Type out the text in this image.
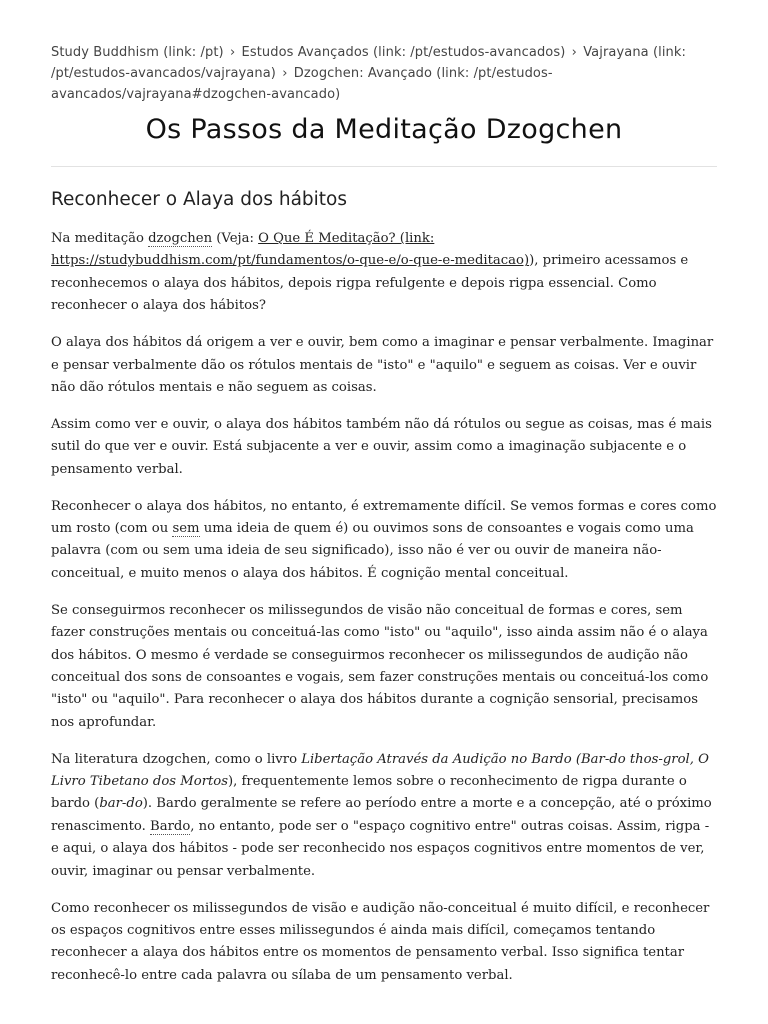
Study Buddhism (link: /pt) › Estudos Avançados (link: /pt/estudos-avancados) › Vajrayana (link: /pt/estudos-avancados/vajrayana) › Dzogchen: Avançado (link: /pt/estudos-avancados/vajrayana#dzogchen-avancado)
Os Passos da Meditação Dzogchen
Reconhecer o Alaya dos hábitos

Na meditação dzogchen (Veja: O Que É Meditação? (link: https://studybuddhism.com/pt/fundamentos/o-que-e/o-que-e-meditacao)), primeiro acessamos e reconhecemos o alaya dos hábitos, depois rigpa refulgente e depois rigpa essencial. Como reconhecer o alaya dos hábitos?

O alaya dos hábitos dá origem a ver e ouvir, bem como a imaginar e pensar verbalmente. Imaginar e pensar verbalmente dão os rótulos mentais de "isto" e "aquilo" e seguem as coisas. Ver e ouvir não dão rótulos mentais e não seguem as coisas.

Assim como ver e ouvir, o alaya dos hábitos também não dá rótulos ou segue as coisas, mas é mais sutil do que ver e ouvir. Está subjacente a ver e ouvir, assim como a imaginação subjacente e o pensamento verbal.

Reconhecer o alaya dos hábitos, no entanto, é extremamente difícil. Se vemos formas e cores como um rosto (com ou sem uma ideia de quem é) ou ouvimos sons de consoantes e vogais como uma palavra (com ou sem uma ideia de seu significado), isso não é ver ou ouvir de maneira não-conceitual, e muito menos o alaya dos hábitos. É cognição mental conceitual.

Se conseguirmos reconhecer os milissegundos de visão não conceitual de formas e cores, sem fazer construções mentais ou conceituá-las como "isto" ou "aquilo", isso ainda assim não é o alaya dos hábitos. O mesmo é verdade se conseguirmos reconhecer os milissegundos de audição não conceitual dos sons de consoantes e vogais, sem fazer construções mentais ou conceituá-los como "isto" ou "aquilo". Para reconhecer o alaya dos hábitos durante a cognição sensorial, precisamos nos aprofundar.

Na literatura dzogchen, como o livro Libertação Através da Audição no Bardo (Bar-do thos-grol, O Livro Tibetano dos Mortos), frequentemente lemos sobre o reconhecimento de rigpa durante o bardo (bar-do). Bardo geralmente se refere ao período entre a morte e a concepção, até o próximo renascimento. Bardo, no entanto, pode ser o "espaço cognitivo entre" outras coisas. Assim, rigpa - e aqui, o alaya dos hábitos - pode ser reconhecido nos espaços cognitivos entre momentos de ver, ouvir, imaginar ou pensar verbalmente.

Como reconhecer os milissegundos de visão e audição não-conceitual é muito difícil, e reconhecer os espaços cognitivos entre esses milissegundos é ainda mais difícil, começamos tentando reconhecer a alaya dos hábitos entre os momentos de pensamento verbal. Isso significa tentar reconhecê-lo entre cada palavra ou sílaba de um pensamento verbal.
